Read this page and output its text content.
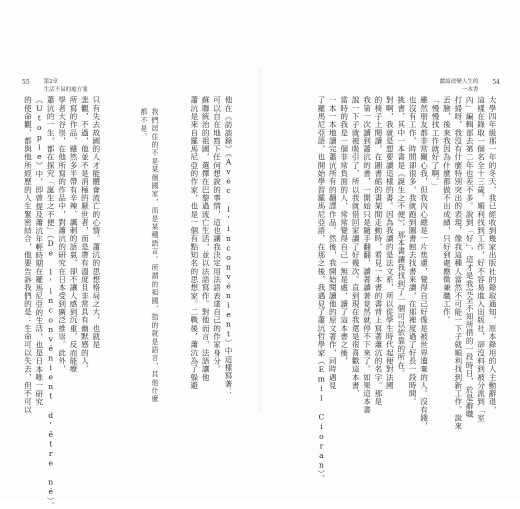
55	第2章
生活不易的處方箋
獻給改變人生的
一本書
54
大學四年級那一年的冬天，我已經收到幾家出版社的錄取通知，原本錄用的人主動辭退，
這樣在錄取一個名全十三歲。順利找到工作，好不容易進入出版社，卻沒料到被分派到「室
內」編輯部去第二年也差不多。說到「好」，這才是我完全不知所措的一段時日，於是辭職
打掃呀，我沒有什麼特別突出的表現，像我這種人當然不可能一下子就順利找到新工作。說來
丟臉，後來我因為什麼都做不出成績，只好到處應徵兼職工作。
「慢慢找工作就好了啊。」
雖然朋友都非常關心我，但我內心總是一片焦慮，覺得自己好像是被世界遺棄的人。沒有錢，
也沒有工作，時間卻很多，我就跑到圖書館去找書來讀，在那裡度過了好長一段時間。
挑書，其中一本書是《誕生之不便》，那本書讓我找到了一個可以依靠的所在。
對啊，我就是想要讀這樣的書。因為我讀的是法文系，所以從學生時代起便對法國
的椅子上閱讀，在圖書館的書架間走動時，看見一本書的書背上寫著蕭沆的名字。那是
我第一次讀到蕭沆的書，一開始只是隨手翻翻，讀著讀著竟然就停不下來了。如果這本書
說一下子就被吸引了，所以我就借回家讀了好幾次。直到現在我還是很喜歡這本書，
當時的我是一個非常負面的人，常常覺得自己一無是處，讀了這本書之後，
一本一本地讀完蕭沆所有的翻譯作品。然後，我開始閱讀他的原文著作，同時遇見
了羅馬尼亞語，也開始學習羅馬尼亞語，在那之後，我遇見了蕭沆哲學家（Emil Cioran）。
他在《訪談錄》（Avec l'inconvénient）中這樣寫著：
可以自在地寫下任何想說的事情，這也讓我決定用法語表達自己的作家身分。
蘇聯統治的祖國，選擇在巴黎過流亡生活，並以法語寫作。對他而言，法語讓他
蕭沆是來自羅馬尼亞的作家，也是一個有點知名的思想家。二戰後，蕭沆為了躲避
我們居住的不是某個國家，而是某種語言。所謂的祖國，指的就是語言，其他什麼
都不是。
只有失去故國的人才能體會流亡的心情。蕭沆的思想格局之大，也就是
悲觀，不過，他並不是消極的厭世者，而是帶有溫度且非常具有幽默感的人。
所寫的作品，雖然多半帶有辛辣、諷刺的語氣，卻不讓人感到沉重，反而能療
學者大谷崇，在他所寫的作品中，對蕭沆的研究在日本受到廣泛推崇。此外，
蕭沆的一生，都在探究「誕生之不便」（De l'inconvénient d'être né）。
《Utopie》中，即曾提及蕭沆年輕時期在羅馬尼亞的生活，也是日本唯一研究
的使命觀，都與他所經歷的人生緊密結合，他要告訴我們的是：生命可以失去，但不可以
